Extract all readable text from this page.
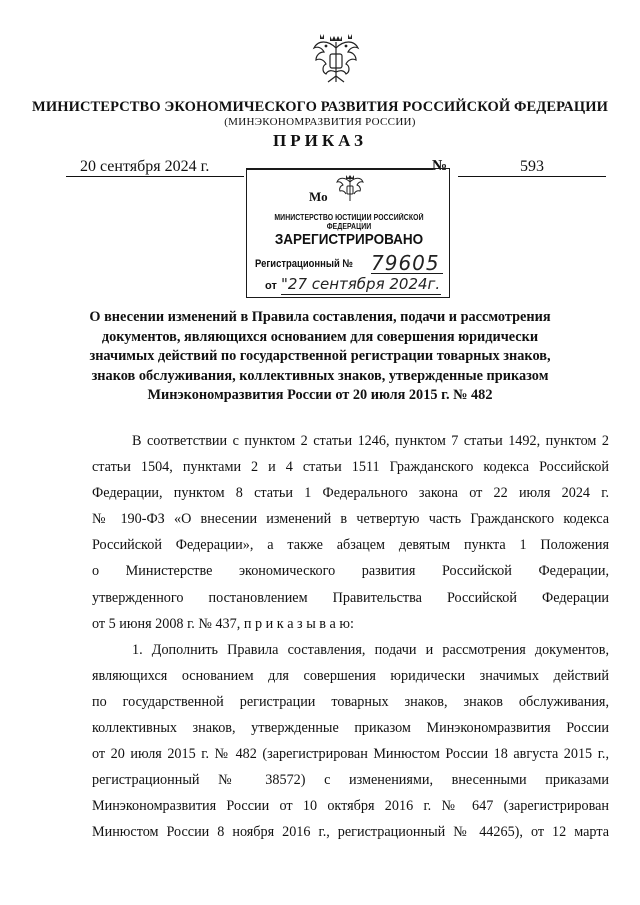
МИНИСТЕРСТВО ЭКОНОМИЧЕСКОГО РАЗВИТИЯ РОССИЙСКОЙ ФЕДЕРАЦИИ
(МИНЭКОНОМРАЗВИТИЯ РОССИИ)
ПРИКАЗ
20 сентября 2024 г.	№	593
Мо
МИНИСТЕРСТВО ЮСТИЦИИ РОССИЙСКОЙ ФЕДЕРАЦИИ
ЗАРЕГИСТРИРОВАНО
Регистрационный № 79605
от "27 сентября 2024г.
О внесении изменений в Правила составления, подачи и рассмотрения
документов, являющихся основанием для совершения юридически
значимых действий по государственной регистрации товарных знаков,
знаков обслуживания, коллективных знаков, утвержденные приказом
Минэкономразвития России от 20 июля 2015 г. № 482
В соответствии с пунктом 2 статьи 1246, пунктом 7 статьи 1492, пунктом 2
статьи 1504, пунктами 2 и 4 статьи 1511 Гражданского кодекса Российской
Федерации, пунктом 8 статьи 1 Федерального закона от 22 июля 2024 г.
№ 190-ФЗ «О внесении изменений в четвертую часть Гражданского кодекса
Российской Федерации», а также абзацем девятым пункта 1 Положения
о Министерстве экономического развития Российской Федерации,
утвержденного постановлением Правительства Российской Федерации
от 5 июня 2008 г. № 437, п р и к а з ы в а ю:
1. Дополнить Правила составления, подачи и рассмотрения документов,
являющихся основанием для совершения юридически значимых действий
по государственной регистрации товарных знаков, знаков обслуживания,
коллективных знаков, утвержденные приказом Минэкономразвития России
от 20 июля 2015 г. № 482 (зарегистрирован Минюстом России 18 августа 2015 г.,
регистрационный № 38572) с изменениями, внесенными приказами
Минэкономразвития России от 10 октября 2016 г. № 647 (зарегистрирован
Минюстом России 8 ноября 2016 г., регистрационный № 44265), от 12 марта
